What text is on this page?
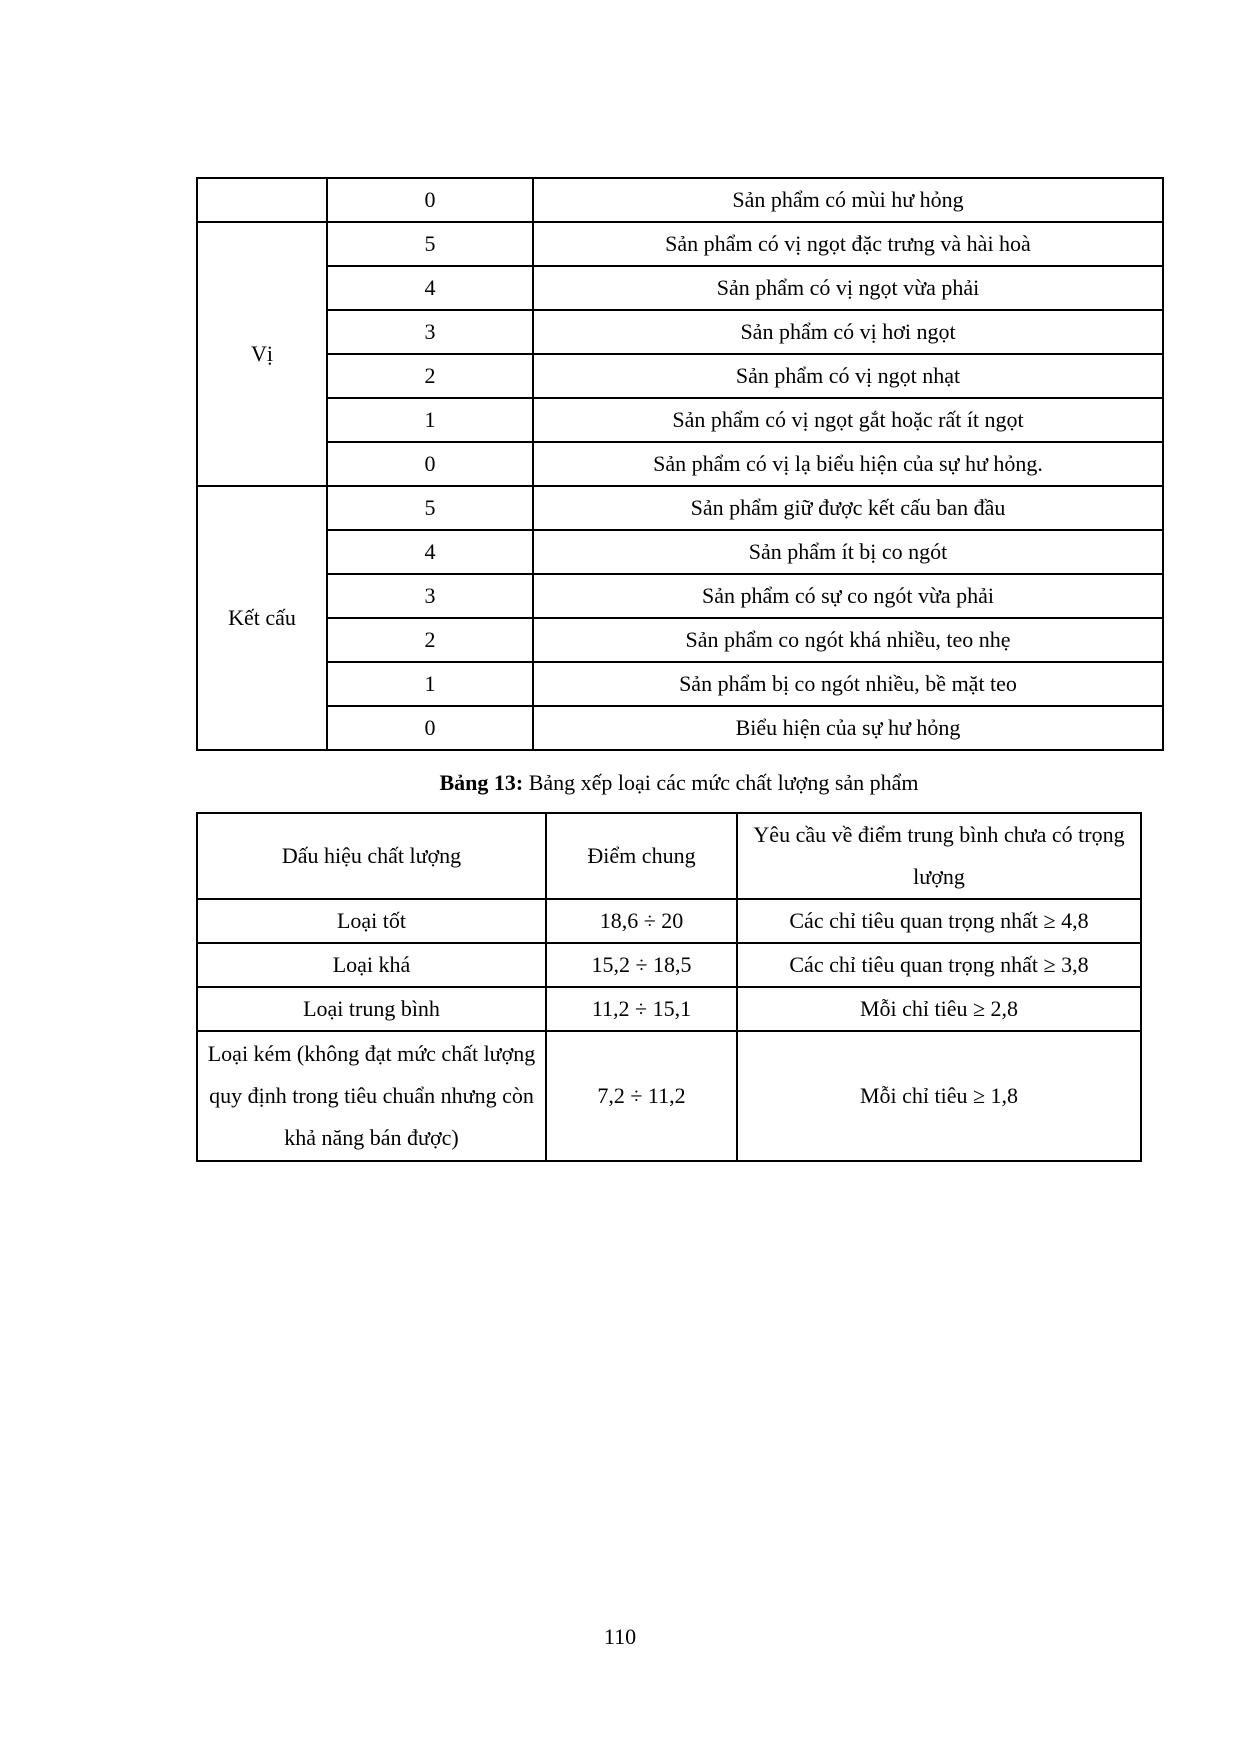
	0	Sản phẩm có mùi hư hỏng
Vị	5	Sản phẩm có vị ngọt đặc trưng và hài hoà
	4	Sản phẩm có vị ngọt vừa phải
	3	Sản phẩm có vị hơi ngọt
	2	Sản phẩm có vị ngọt nhạt
	1	Sản phẩm có vị ngọt gắt hoặc rất ít ngọt
	0	Sản phẩm có vị lạ biểu hiện của sự hư hỏng.
Kết cấu	5	Sản phẩm giữ được kết cấu ban đầu
	4	Sản phẩm ít bị co ngót
	3	Sản phẩm có sự co ngót vừa phải
	2	Sản phẩm co ngót khá nhiều, teo nhẹ
	1	Sản phẩm bị co ngót nhiều, bề mặt teo
	0	Biểu hiện của sự hư hỏng
Bảng 13: Bảng xếp loại các mức chất lượng sản phẩm
Dấu hiệu chất lượng	Điểm chung	Yêu cầu về điểm trung bình chưa có trọng lượng
Loại tốt	18,6 ÷ 20	Các chỉ tiêu quan trọng nhất ≥ 4,8
Loại khá	15,2 ÷ 18,5	Các chỉ tiêu quan trọng nhất ≥ 3,8
Loại trung bình	11,2 ÷ 15,1	Mỗi chỉ tiêu ≥ 2,8
Loại kém (không đạt mức chất lượng quy định trong tiêu chuẩn nhưng còn khả năng bán được)	7,2 ÷ 11,2	Mỗi chỉ tiêu ≥ 1,8
110
